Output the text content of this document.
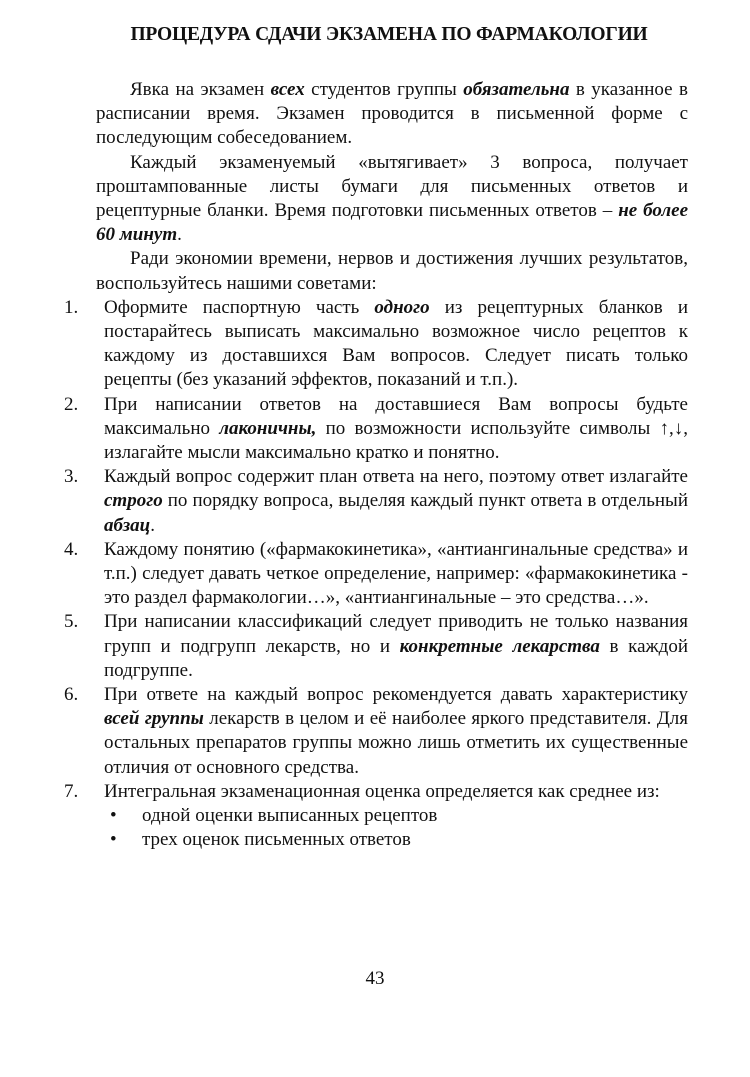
ПРОЦЕДУРА СДАЧИ ЭКЗАМЕНА ПО ФАРМАКОЛОГИИ

Явка на экзамен всех студентов группы обязательна в указанное в расписании время. Экзамен проводится в письменной форме с последующим собеседованием.

Каждый экзаменуемый «вытягивает» 3 вопроса, получает проштампованные листы бумаги для письменных ответов и рецептурные бланки. Время подготовки письменных ответов – не более 60 минут.

Ради экономии времени, нервов и достижения лучших результатов, воспользуйтесь нашими советами:

1. Оформите паспортную часть одного из рецептурных бланков и постарайтесь выписать максимально возможное число рецептов к каждому из доставшихся Вам вопросов. Следует писать только рецепты (без указаний эффектов, показаний и т.п.).
2. При написании ответов на доставшиеся Вам вопросы будьте максимально лаконичны, по возможности используйте символы ↑,↓, излагайте мысли максимально кратко и понятно.
3. Каждый вопрос содержит план ответа на него, поэтому ответ излагайте строго по порядку вопроса, выделяя каждый пункт ответа в отдельный абзац.
4. Каждому понятию («фармакокинетика», «антиангинальные средства» и т.п.) следует давать четкое определение, например: «фармакокинетика - это раздел фармакологии…», «антиангинальные – это средства…».
5. При написании классификаций следует приводить не только названия групп и подгрупп лекарств, но и конкретные лекарства в каждой подгруппе.
6. При ответе на каждый вопрос рекомендуется давать характеристику всей группы лекарств в целом и её наиболее яркого представителя. Для остальных препаратов группы можно лишь отметить их существенные отличия от основного средства.
7. Интегральная экзаменационная оценка определяется как среднее из:
• одной оценки выписанных рецептов
• трех оценок письменных ответов
43
